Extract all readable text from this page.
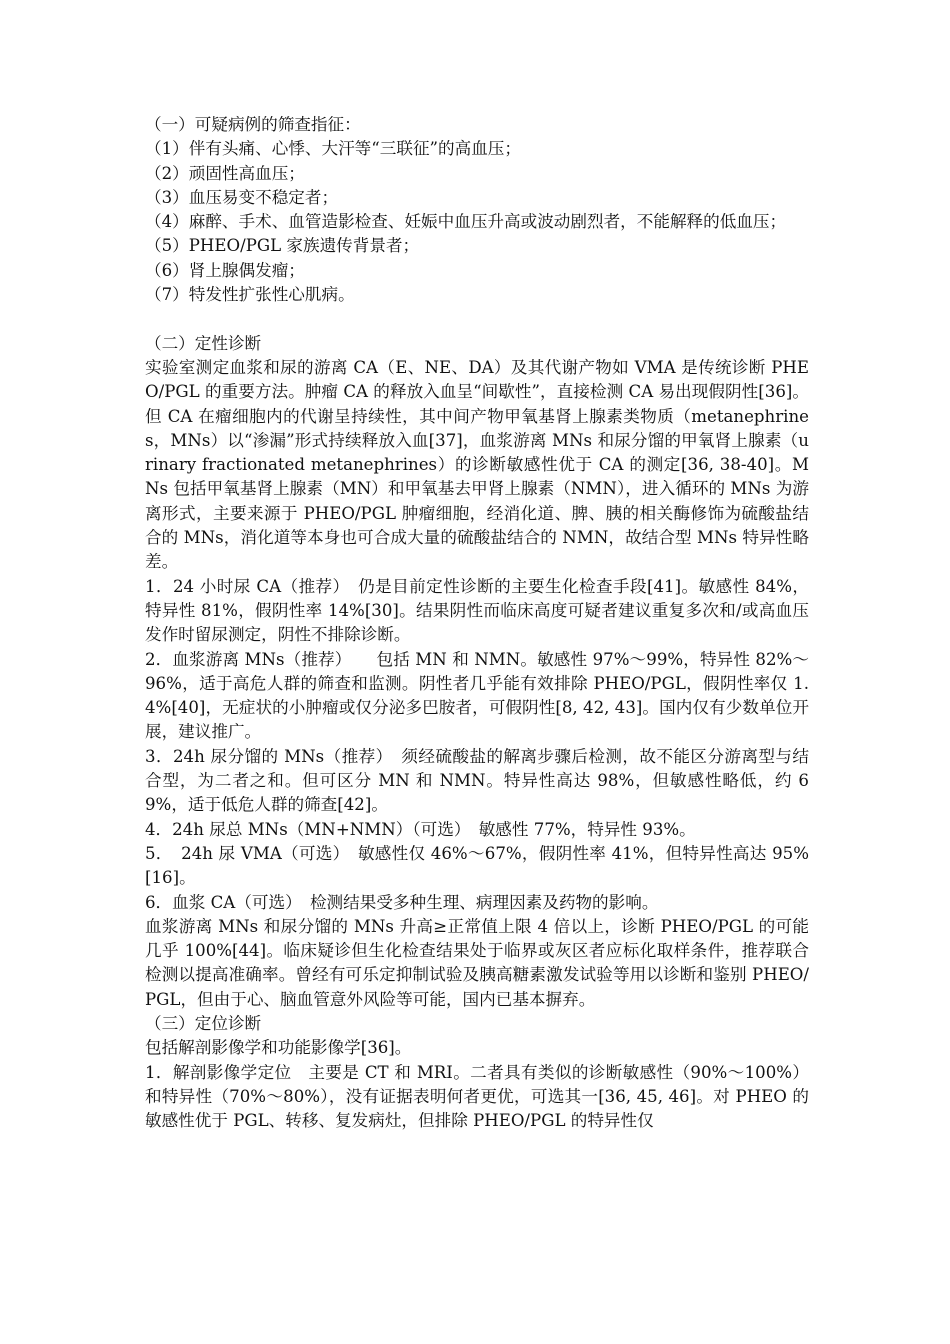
（一）可疑病例的筛查指征：

（1）伴有头痛、心悸、大汗等“三联征”的高血压；

（2）顽固性高血压；

（3）血压易变不稳定者；

（4）麻醉、手术、血管造影检查、妊娠中血压升高或波动剧烈者，不能解释的低血压；

（5）PHEO/PGL 家族遗传背景者；

（6）肾上腺偶发瘤；

（7）特发性扩张性心肌病。

（二）定性诊断

实验室测定血浆和尿的游离 CA（E、NE、DA）及其代谢产物如 VMA 是传统诊断 PHEO/PGL 的重要方法。肿瘤 CA 的释放入血呈“间歇性”，直接检测 CA 易出现假阴性[36]。但 CA 在瘤细胞内的代谢呈持续性，其中间产物甲氧基肾上腺素类物质（metanephrines，MNs）以“渗漏”形式持续释放入血[37]，血浆游离 MNs 和尿分馏的甲氧肾上腺素（urinary fractionated metanephrines）的诊断敏感性优于 CA 的测定[36, 38-40]。MNs 包括甲氧基肾上腺素（MN）和甲氧基去甲肾上腺素（NMN），进入循环的 MNs 为游离形式，主要来源于 PHEO/PGL 肿瘤细胞，经消化道、脾、胰的相关酶修饰为硫酸盐结合的 MNs，消化道等本身也可合成大量的硫酸盐结合的 NMN，故结合型 MNs 特异性略差。

1．24 小时尿 CA（推荐）　仍是目前定性诊断的主要生化检查手段[41]。敏感性 84%，特异性 81%，假阴性率 14%[30]。结果阴性而临床高度可疑者建议重复多次和/或高血压发作时留尿测定，阴性不排除诊断。

2．血浆游离 MNs（推荐）　　包括 MN 和 NMN。敏感性 97%～99%，特异性 82%～96%，适于高危人群的筛查和监测。阴性者几乎能有效排除 PHEO/PGL，假阴性率仅 1.4%[40]，无症状的小肿瘤或仅分泌多巴胺者，可假阴性[8, 42, 43]。国内仅有少数单位开展，建议推广。

3．24h 尿分馏的 MNs（推荐）　须经硫酸盐的解离步骤后检测，故不能区分游离型与结合型，为二者之和。但可区分 MN 和 NMN。特异性高达 98%，但敏感性略低，约 69%，适于低危人群的筛查[42]。

4．24h 尿总 MNs（MN+NMN）（可选）　敏感性 77%，特异性 93%。

5．　24h 尿 VMA（可选）　敏感性仅 46%～67%，假阴性率 41%，但特异性高达 95%[16]。

6．血浆 CA（可选）　检测结果受多种生理、病理因素及药物的影响。

血浆游离 MNs 和尿分馏的 MNs 升高≥正常值上限 4 倍以上，诊断 PHEO/PGL 的可能几乎 100%[44]。临床疑诊但生化检查结果处于临界或灰区者应标化取样条件，推荐联合检测以提高准确率。曾经有可乐定抑制试验及胰高糖素激发试验等用以诊断和鉴别 PHEO/PGL，但由于心、脑血管意外风险等可能，国内已基本摒弃。

（三）定位诊断

包括解剖影像学和功能影像学[36]。

1．解剖影像学定位　主要是 CT 和 MRI。二者具有类似的诊断敏感性（90%～100%）和特异性（70%～80%），没有证据表明何者更优，可选其一[36, 45, 46]。对 PHEO 的敏感性优于 PGL、转移、复发病灶，但排除 PHEO/PGL 的特异性仅
